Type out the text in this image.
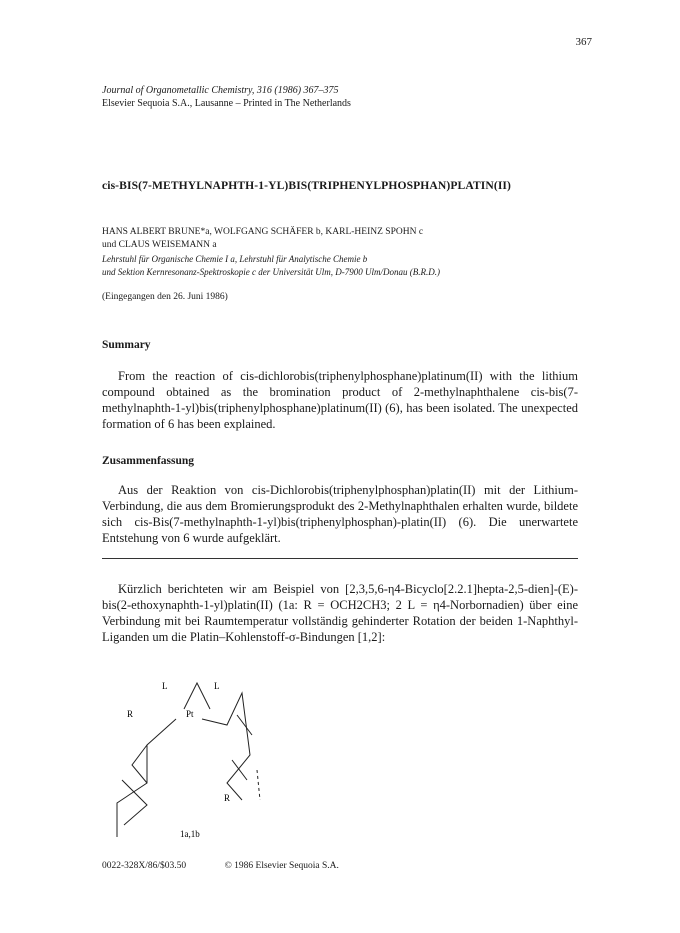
367
Journal of Organometallic Chemistry, 316 (1986) 367–375
Elsevier Sequoia S.A., Lausanne – Printed in The Netherlands
cis-BIS(7-METHYLNAPHTH-1-YL)BIS(TRIPHENYLPHOSPHAN)PLATIN(II)
HANS ALBERT BRUNE*a, WOLFGANG SCHÄFER b, KARL-HEINZ SPOHN c
und CLAUS WEISEMANN a
Lehrstuhl für Organische Chemie I a, Lehrstuhl für Analytische Chemie b
und Sektion Kernresonanz-Spektroskopie c der Universität Ulm, D-7900 Ulm/Donau (B.R.D.)
(Eingegangen den 26. Juni 1986)
Summary

From the reaction of cis-dichlorobis(triphenylphosphane)platinum(II) with the lithium compound obtained as the bromination product of 2-methylnaphthalene cis-bis(7-methylnaphth-1-yl)bis(triphenylphosphane)platinum(II) (6), has been isolated. The unexpected formation of 6 has been explained.

Zusammenfassung

Aus der Reaktion von cis-Dichlorobis(triphenylphosphan)platin(II) mit der Lithium-Verbindung, die aus dem Bromierungsprodukt des 2-Methylnaphthalen erhalten wurde, bildete sich cis-Bis(7-methylnaphth-1-yl)bis(triphenylphosphan)-platin(II) (6). Die unerwartete Entstehung von 6 wurde aufgeklärt.

Kürzlich berichteten wir am Beispiel von [2,3,5,6-η4-Bicyclo[2.2.1]hepta-2,5-dien]-(E)-bis(2-ethoxynaphth-1-yl)platin(II) (1a: R = OCH2CH3; 2 L = η4-Norbornadien) über eine Verbindung mit bei Raumtemperatur vollständig gehinderter Rotation der beiden 1-Naphthyl-Liganden um die Platin–Kohlenstoff-σ-Bindungen [1,2]:

L	L
Pt
R
R
1a,1b
0022-328X/86/$03.50	© 1986 Elsevier Sequoia S.A.
